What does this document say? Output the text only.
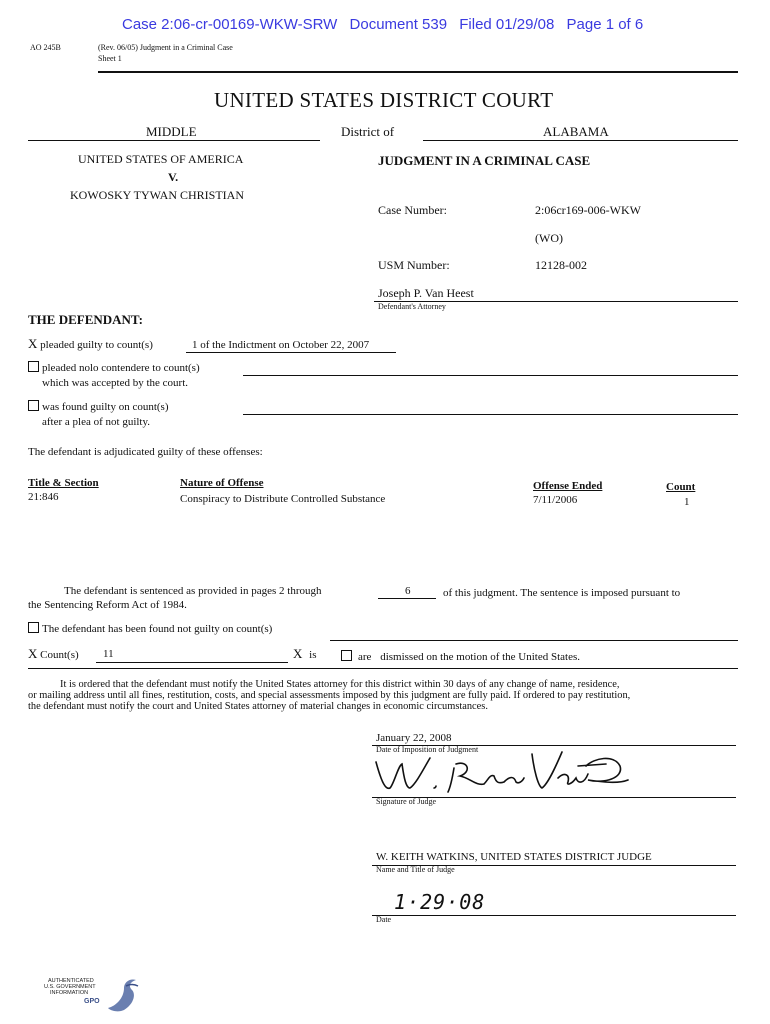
Case 2:06-cr-00169-WKW-SRW Document 539 Filed 01/29/08 Page 1 of 6
AO 245B	(Rev. 06/05) Judgment in a Criminal Case
Sheet 1
UNITED STATES DISTRICT COURT
MIDDLE	District of	ALABAMA
UNITED STATES OF AMERICA
V.
KOWOSKY TYWAN CHRISTIAN
JUDGMENT IN A CRIMINAL CASE
Case Number:	2:06cr169-006-WKW
(WO)
USM Number:	12128-002
Joseph P. Van Heest
Defendant's Attorney
THE DEFENDANT:
X pleaded guilty to count(s)	1 of the Indictment on October 22, 2007
pleaded nolo contendere to count(s)
which was accepted by the court.
was found guilty on count(s)
after a plea of not guilty.
The defendant is adjudicated guilty of these offenses:
Title & Section	Nature of Offense	Offense Ended	Count
21:846	Conspiracy to Distribute Controlled Substance	7/11/2006	1
The defendant is sentenced as provided in pages 2 through	6	of this judgment. The sentence is imposed pursuant to
the Sentencing Reform Act of 1984.
The defendant has been found not guilty on count(s)
X Count(s) 11	X is	are dismissed on the motion of the United States.
It is ordered that the defendant must notify the United States attorney for this district within 30 days of any change of name, residence,
or mailing address until all fines, restitution, costs, and special assessments imposed by this judgment are fully paid. If ordered to pay restitution,
the defendant must notify the court and United States attorney of material changes in economic circumstances.
January 22, 2008
Date of Imposition of Judgment
W. Keith Watkins
Signature of Judge
W. KEITH WATKINS, UNITED STATES DISTRICT JUDGE
Name and Title of Judge
1·29·08
Date
AUTHENTICATED
U.S. GOVERNMENT
INFORMATION
GPO
